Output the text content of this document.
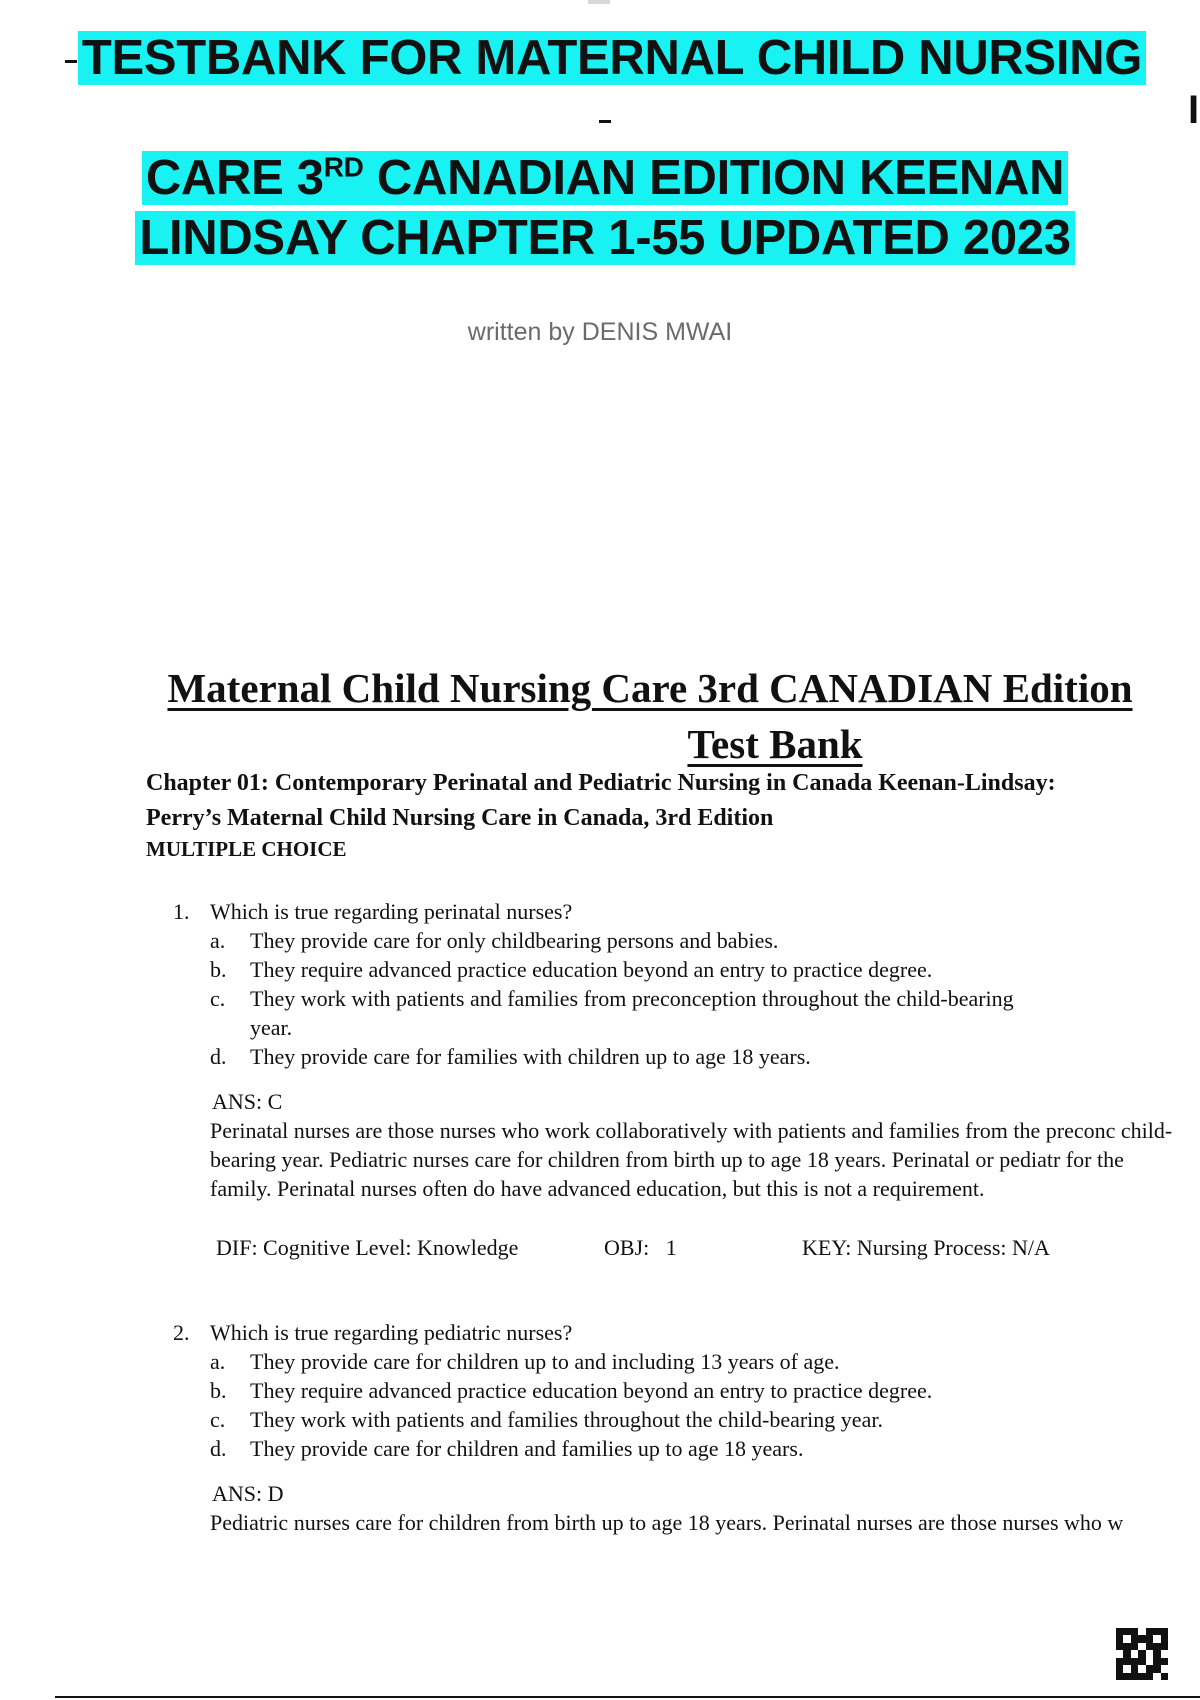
TESTBANK FOR MATERNAL CHILD NURSING
CARE 3RD CANADIAN EDITION KEENAN
LINDSAY CHAPTER 1-55 UPDATED 2023
I
written by DENIS MWAI
Maternal Child Nursing Care 3rd CANADIAN Edition
Test Bank
Chapter 01: Contemporary Perinatal and Pediatric Nursing in Canada Keenan-Lindsay:
Perry’s Maternal Child Nursing Care in Canada, 3rd Edition
MULTIPLE CHOICE
1. Which is true regarding perinatal nurses?
a. They provide care for only childbearing persons and babies.
b. They require advanced practice education beyond an entry to practice degree.
c. They work with patients and families from preconception throughout the child-bearing year.
d. They provide care for families with children up to age 18 years.
ANS: C
Perinatal nurses are those nurses who work collaboratively with patients and families from the preconc child-bearing year. Pediatric nurses care for children from birth up to age 18 years. Perinatal or pediatr for the family. Perinatal nurses often do have advanced education, but this is not a requirement.
DIF: Cognitive Level: Knowledge	OBJ:   1	KEY: Nursing Process: N/A
2. Which is true regarding pediatric nurses?
a. They provide care for children up to and including 13 years of age.
b. They require advanced practice education beyond an entry to practice degree.
c. They work with patients and families throughout the child-bearing year.
d. They provide care for children and families up to age 18 years.
ANS: D
Pediatric nurses care for children from birth up to age 18 years. Perinatal nurses are those nurses who w
